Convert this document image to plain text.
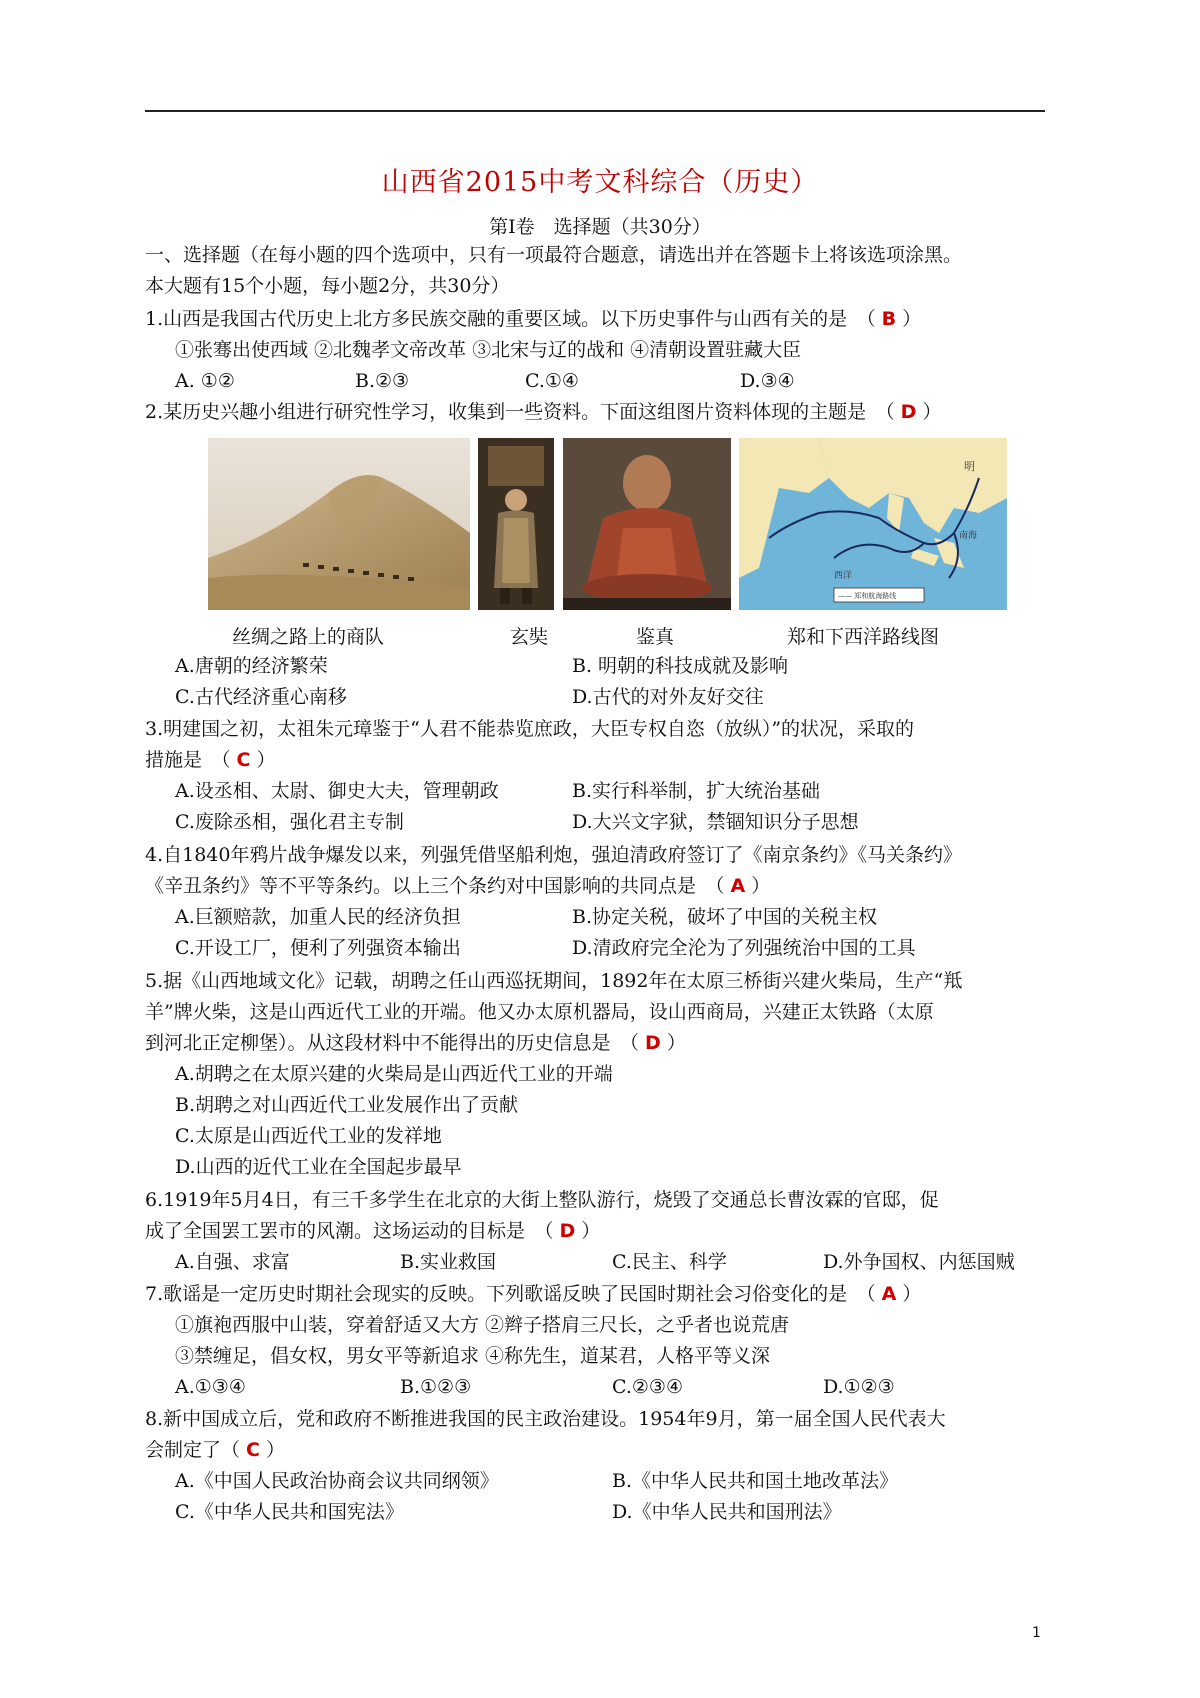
山西省2015中考文科综合（历史）
第Ⅰ卷　选择题（共30分）
一、选择题（在每小题的四个选项中，只有一项最符合题意，请选出并在答题卡上将该选项涂黑。
本大题有15个小题，每小题2分，共30分）
1.山西是我国古代历史上北方多民族交融的重要区域。以下历史事件与山西有关的是　（ B ）
①张骞出使西域 ②北魏孝文帝改革 ③北宋与辽的战和 ④清朝设置驻藏大臣
A. ①②	B.②③	C.①④	D.③④
2.某历史兴趣小组进行研究性学习，收集到一些资料。下面这组图片资料体现的主题是　（ D ）
明
南海
西洋
—— 郑和航海路线
丝绸之路上的商队	玄奘	鉴真	郑和下西洋路线图
A.唐朝的经济繁荣	B. 明朝的科技成就及影响
C.古代经济重心南移	D.古代的对外友好交往
3.明建国之初，太祖朱元璋鉴于“人君不能恭览庶政，大臣专权自恣（放纵）”的状况，采取的
措施是　（ C ）
A.设丞相、太尉、御史大夫，管理朝政	B.实行科举制，扩大统治基础
C.废除丞相，强化君主专制	D.大兴文字狱，禁锢知识分子思想
4.自1840年鸦片战争爆发以来，列强凭借坚船利炮，强迫清政府签订了《南京条约》《马关条约》
《辛丑条约》等不平等条约。以上三个条约对中国影响的共同点是　（ A ）
A.巨额赔款，加重人民的经济负担	B.协定关税，破坏了中国的关税主权
C.开设工厂，便利了列强资本输出	D.清政府完全沦为了列强统治中国的工具
5.据《山西地域文化》记载，胡聘之任山西巡抚期间，1892年在太原三桥街兴建火柴局，生产“羝
羊”牌火柴，这是山西近代工业的开端。他又办太原机器局，设山西商局，兴建正太铁路（太原
到河北正定柳堡）。从这段材料中不能得出的历史信息是　（ D ）
A.胡聘之在太原兴建的火柴局是山西近代工业的开端
B.胡聘之对山西近代工业发展作出了贡献
C.太原是山西近代工业的发祥地
D.山西的近代工业在全国起步最早
6.1919年5月4日，有三千多学生在北京的大街上整队游行，烧毁了交通总长曹汝霖的官邸，促
成了全国罢工罢市的风潮。这场运动的目标是　（ D ）
A.自强、求富	B.实业救国	C.民主、科学	D.外争国权、内惩国贼
7.歌谣是一定历史时期社会现实的反映。下列歌谣反映了民国时期社会习俗变化的是　（ A ）
①旗袍西服中山装，穿着舒适又大方 ②辫子搭肩三尺长，之乎者也说荒唐
③禁缠足，倡女权，男女平等新追求 ④称先生，道某君，人格平等义深
A.①③④	B.①②③	C.②③④	D.①②③
8.新中国成立后，党和政府不断推进我国的民主政治建设。1954年9月，第一届全国人民代表大
会制定了（ C ）
A.《中国人民政治协商会议共同纲领》	B.《中华人民共和国土地改革法》
C.《中华人民共和国宪法》	D.《中华人民共和国刑法》
1
